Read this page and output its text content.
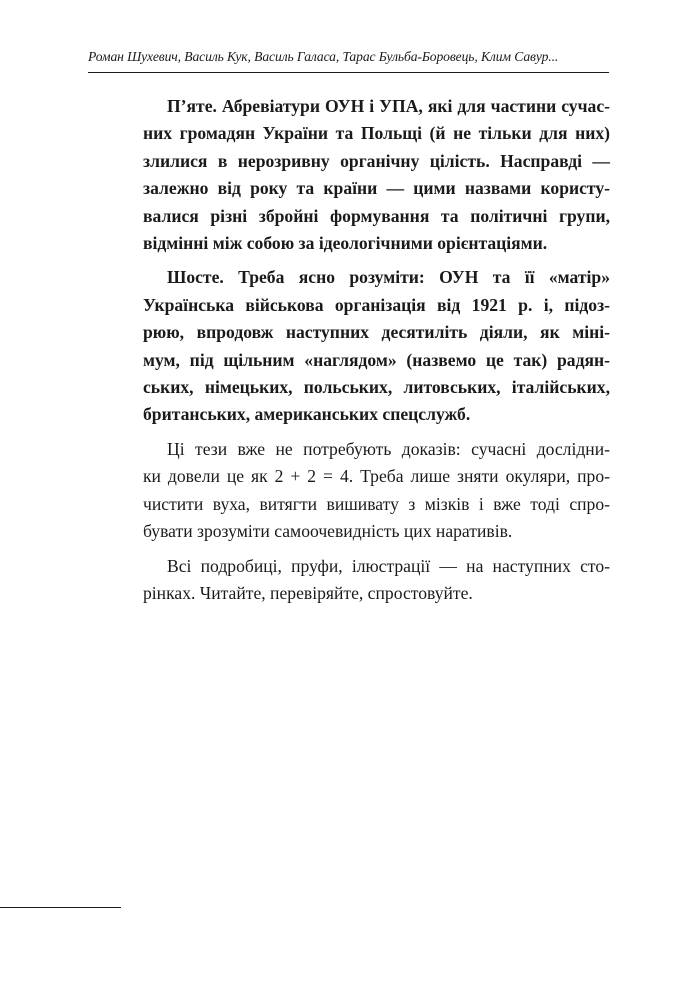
Роман Шухевич, Василь Кук, Василь Галаса, Тарас Бульба-Боровець, Клим Савур...

П’яте. Абревіатури ОУН і УПА, які для частини сучас-
них громадян України та Польщі (й не тільки для них)
злилися в нерозривну органічну цілість. Насправді —
залежно від року та країни — цими назвами користу-
валися різні збройні формування та політичні групи,
відмінні між собою за ідеологічними орієнтаціями.

Шосте. Треба ясно розуміти: ОУН та її «матір»
Українська військова організація від 1921 р. і, підоз-
рюю, впродовж наступних десятиліть діяли, як міні-
мум, під щільним «наглядом» (назвемо це так) радян-
ських, німецьких, польських, литовських, італійських,
британських, американських спецслужб.

Ці тези вже не потребують доказів: сучасні дослідни-
ки довели це як 2 + 2 = 4. Треба лише зняти окуляри, про-
чистити вуха, витягти вишивату з мізків і вже тоді спро-
бувати зрозуміти самоочевидність цих наративів.

Всі подробиці, пруфи, ілюстрації — на наступних сто-
рінках. Читайте, перевіряйте, спростовуйте.
